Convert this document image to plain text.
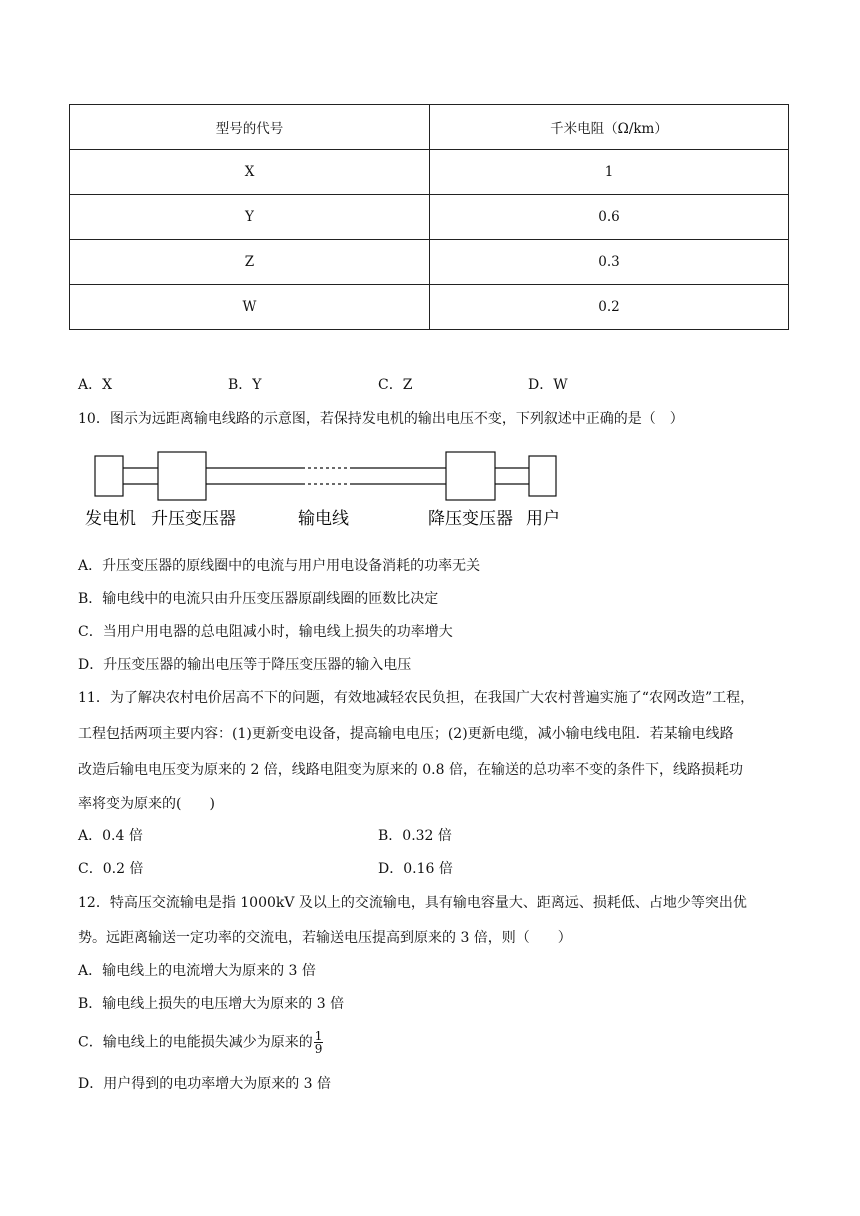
型号的代号	千米电阻（Ω/km）
X	1
Y	0.6
Z	0.3
W	0.2
A．X	B．Y	C．Z	D．W
10．图示为远距离输电线路的示意图，若保持发电机的输出电压不变，下列叙述中正确的是（　）
发电机 升压变压器	输电线	降压变压器 用户
A．升压变压器的原线圈中的电流与用户用电设备消耗的功率无关
B．输电线中的电流只由升压变压器原副线圈的匝数比决定
C．当用户用电器的总电阻减小时，输电线上损失的功率增大
D．升压变压器的输出电压等于降压变压器的输入电压
11．为了解决农村电价居高不下的问题，有效地减轻农民负担，在我国广大农村普遍实施了“农网改造”工程，
工程包括两项主要内容：(1)更新变电设备，提高输电电压；(2)更新电缆，减小输电线电阻．若某输电线路
改造后输电电压变为原来的 2 倍，线路电阻变为原来的 0.8 倍，在输送的总功率不变的条件下，线路损耗功
率将变为原来的(　　)
A．0.4 倍	B．0.32 倍
C．0.2 倍	D．0.16 倍
12．特高压交流输电是指 1000kV 及以上的交流输电，具有输电容量大、距离远、损耗低、占地少等突出优
势。远距离输送一定功率的交流电，若输送电压提高到原来的 3 倍，则（　　）
A．输电线上的电流增大为原来的 3 倍
B．输电线上损失的电压增大为原来的 3 倍
C．输电线上的电能损失减少为原来的 $\frac{1}{9}$
D．用户得到的电功率增大为原来的 3 倍
